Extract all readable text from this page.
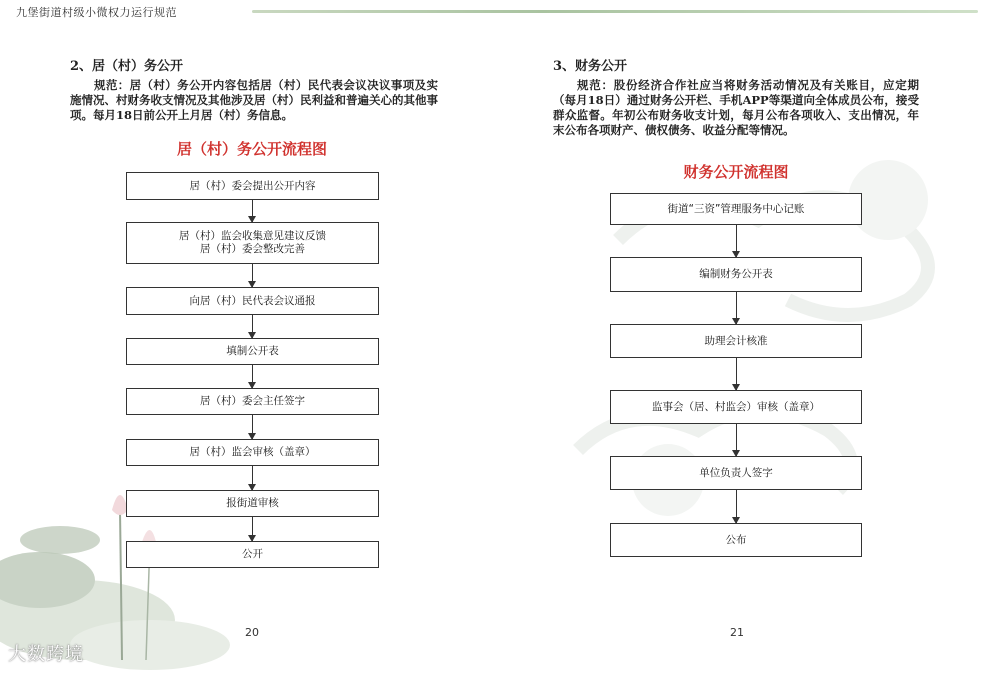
九堡街道村级小微权力运行规范
2、居（村）务公开
规范：居（村）务公开内容包括居（村）民代表会议决议事项及实施情况、村财务收支情况及其他涉及居（村）民利益和普遍关心的其他事项。每月18日前公开上月居（村）务信息。
居（村）务公开流程图
居（村）委会提出公开内容
居（村）监会收集意见建议反馈居（村）委会整改完善
向居（村）民代表会议通报
填制公开表
居（村）委会主任签字
居（村）监会审核（盖章）
报街道审核
公开
20
3、财务公开
规范：股份经济合作社应当将财务活动情况及有关账目，应定期（每月18日）通过财务公开栏、手机APP等渠道向全体成员公布，接受群众监督。年初公布财务收支计划，每月公布各项收入、支出情况，年末公布各项财产、债权债务、收益分配等情况。
财务公开流程图
街道“三资”管理服务中心记账
编制财务公开表
助理会计核准
监事会（居、村监会）审核（盖章）
单位负责人签字
公布
21
大数跨境
